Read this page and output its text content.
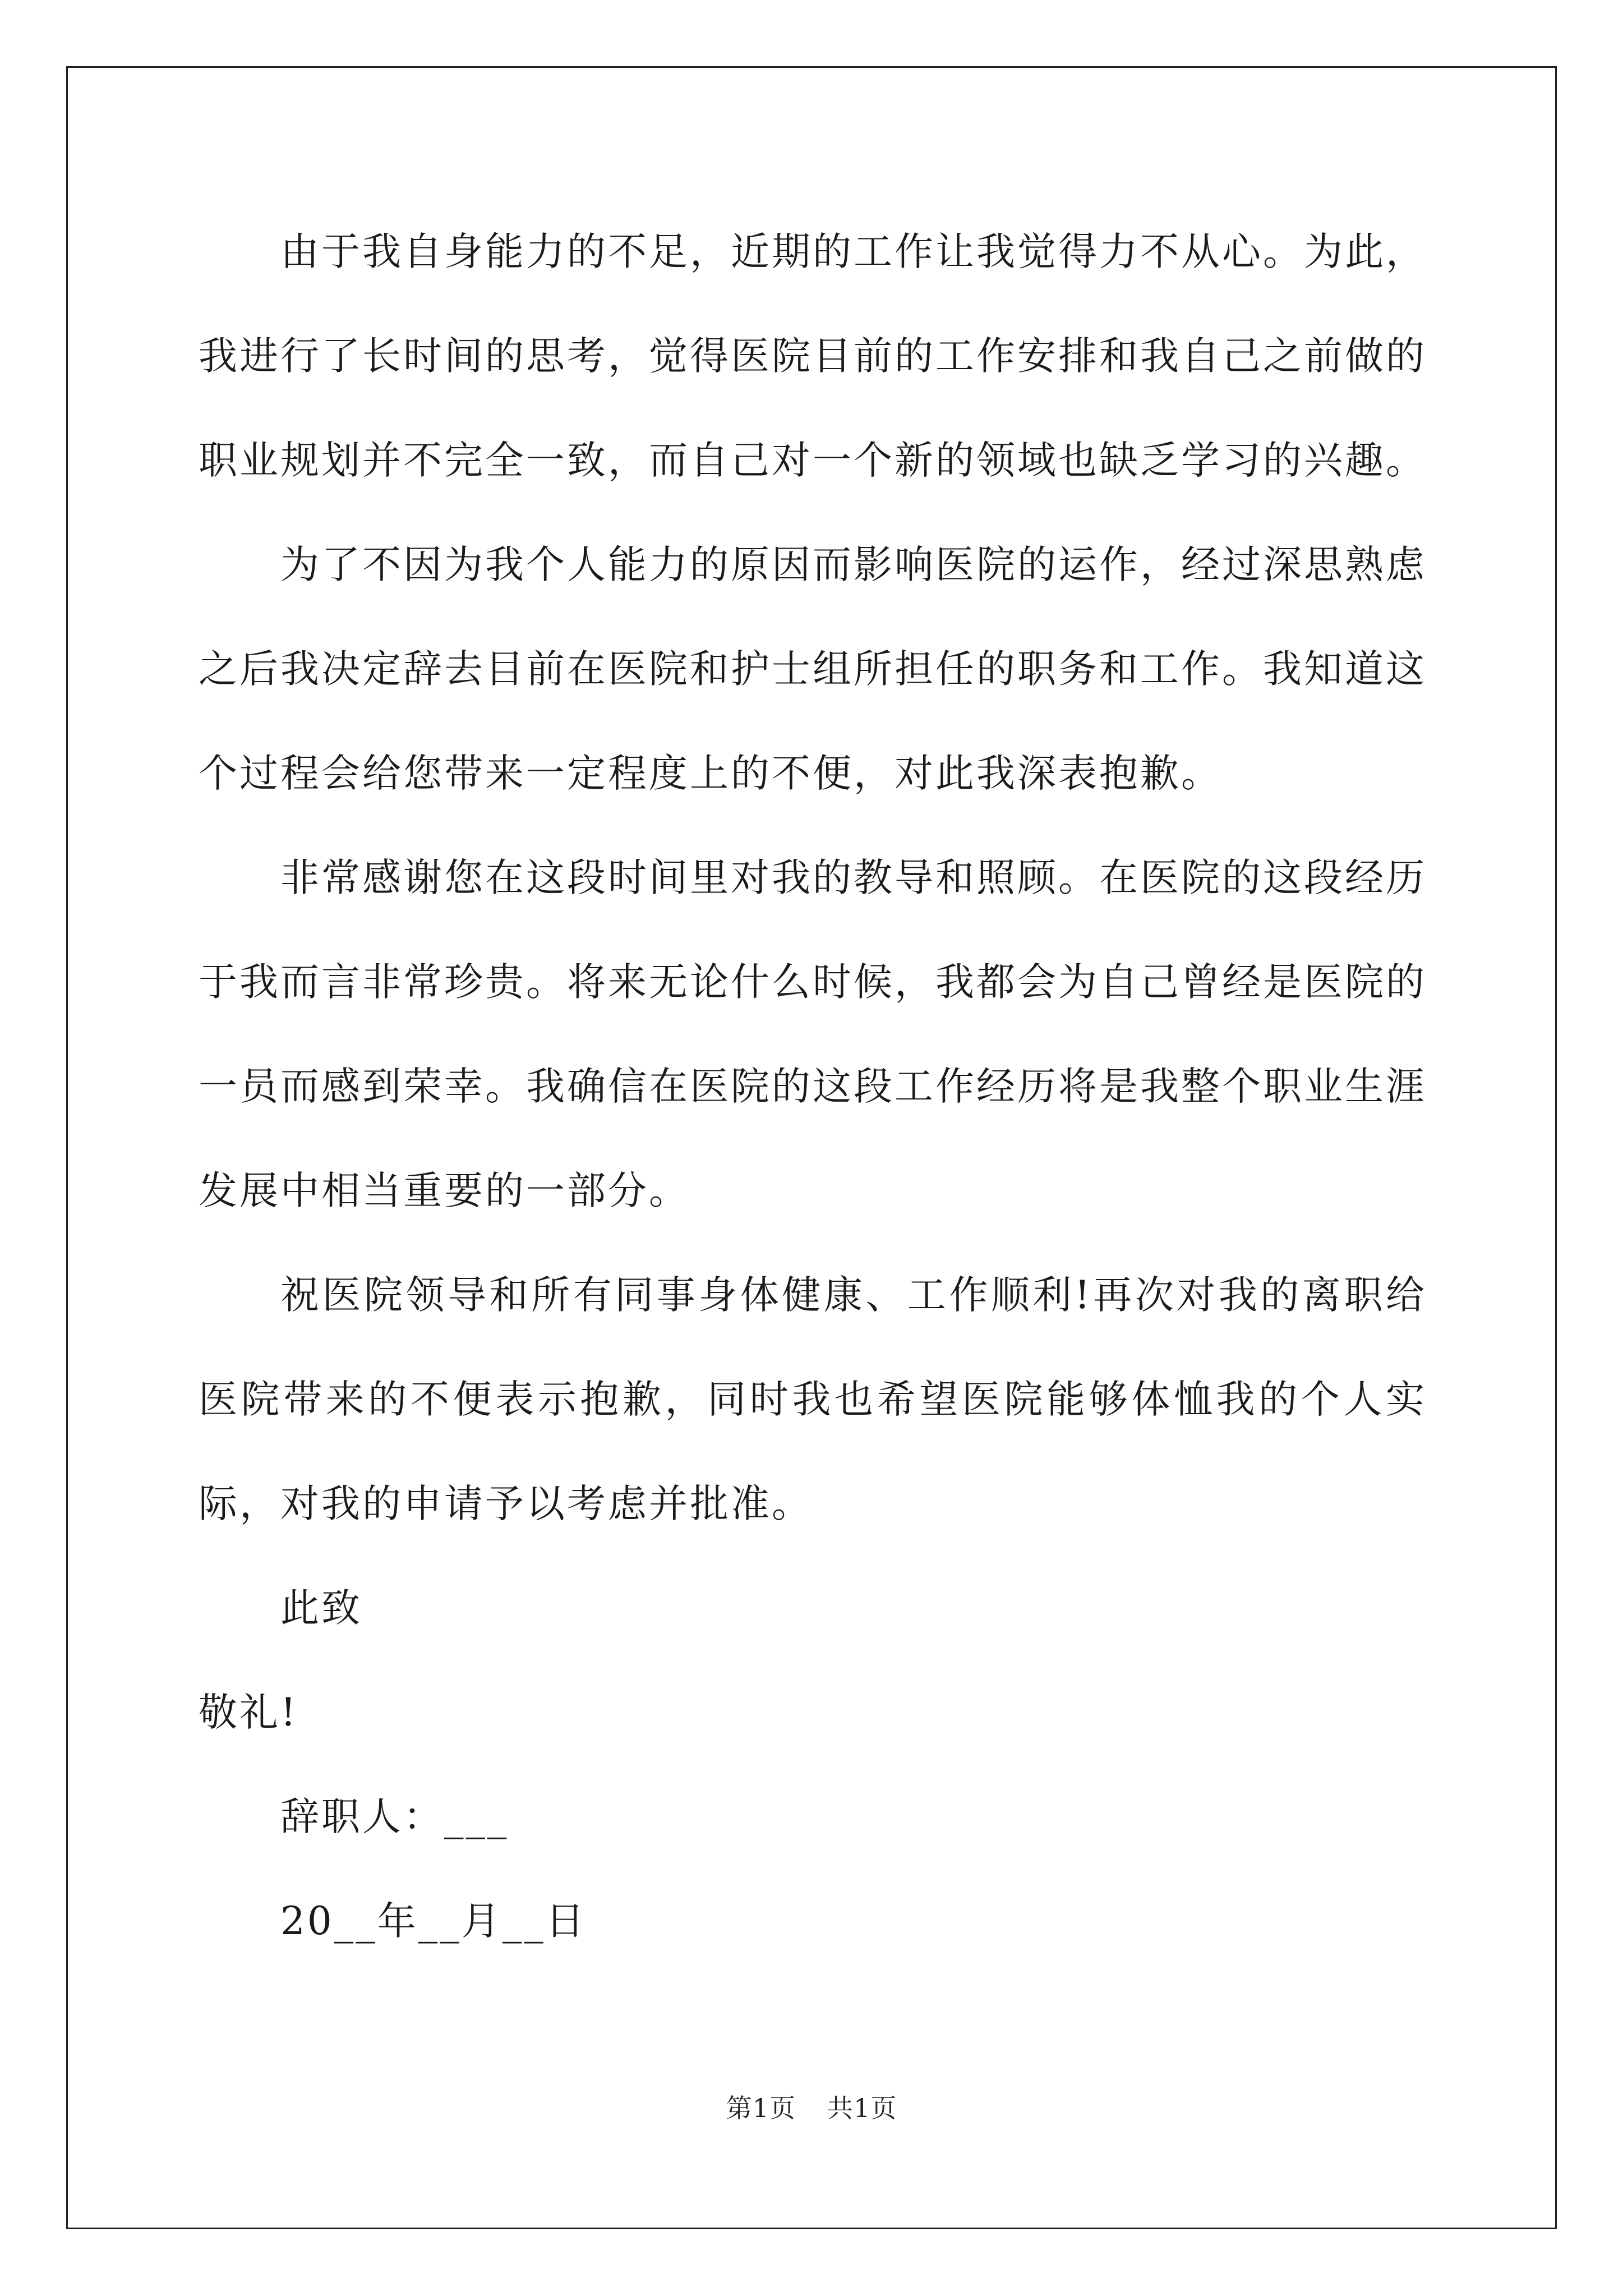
由于我自身能力的不足，近期的工作让我觉得力不从心。为此，我进行了长时间的思考，觉得医院目前的工作安排和我自己之前做的职业规划并不完全一致，而自己对一个新的领域也缺乏学习的兴趣。

为了不因为我个人能力的原因而影响医院的运作，经过深思熟虑之后我决定辞去目前在医院和护士组所担任的职务和工作。我知道这个过程会给您带来一定程度上的不便，对此我深表抱歉。

非常感谢您在这段时间里对我的教导和照顾。在医院的这段经历于我而言非常珍贵。将来无论什么时候，我都会为自己曾经是医院的一员而感到荣幸。我确信在医院的这段工作经历将是我整个职业生涯发展中相当重要的一部分。

祝医院领导和所有同事身体健康、工作顺利!再次对我的离职给医院带来的不便表示抱歉，同时我也希望医院能够体恤我的个人实际，对我的申请予以考虑并批准。

此致

敬礼!

辞职人：___

20__年__月__日

第1页 共1页
